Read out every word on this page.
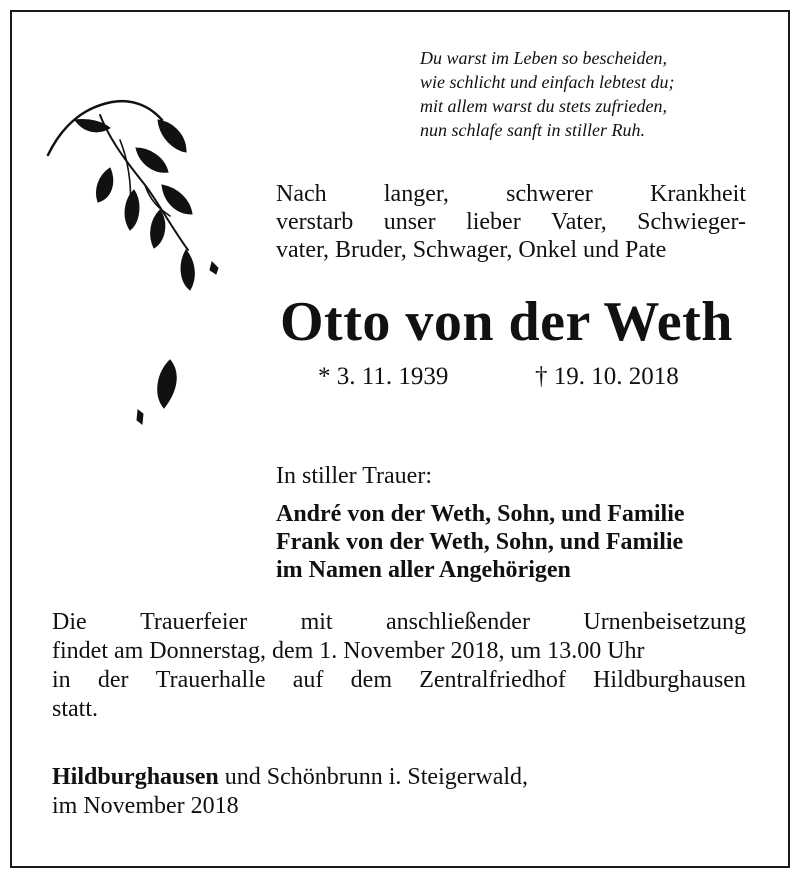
Du warst im Leben so bescheiden,
wie schlicht und einfach lebtest du;
mit allem warst du stets zufrieden,
nun schlafe sanft in stiller Ruh.
Nach langer, schwerer Krankheit
verstarb unser lieber Vater, Schwieger-
vater, Bruder, Schwager, Onkel und Pate
Otto von der Weth
* 3. 11. 1939	† 19. 10. 2018
In stiller Trauer:
André von der Weth, Sohn, und Familie
Frank von der Weth, Sohn, und Familie
im Namen aller Angehörigen
Die Trauerfeier mit anschließender Urnenbeisetzung
findet am Donnerstag, dem 1. November 2018, um 13.00 Uhr
in der Trauerhalle auf dem Zentralfriedhof Hildburghausen
statt.
Hildburghausen und Schönbrunn i. Steigerwald,
im November 2018
